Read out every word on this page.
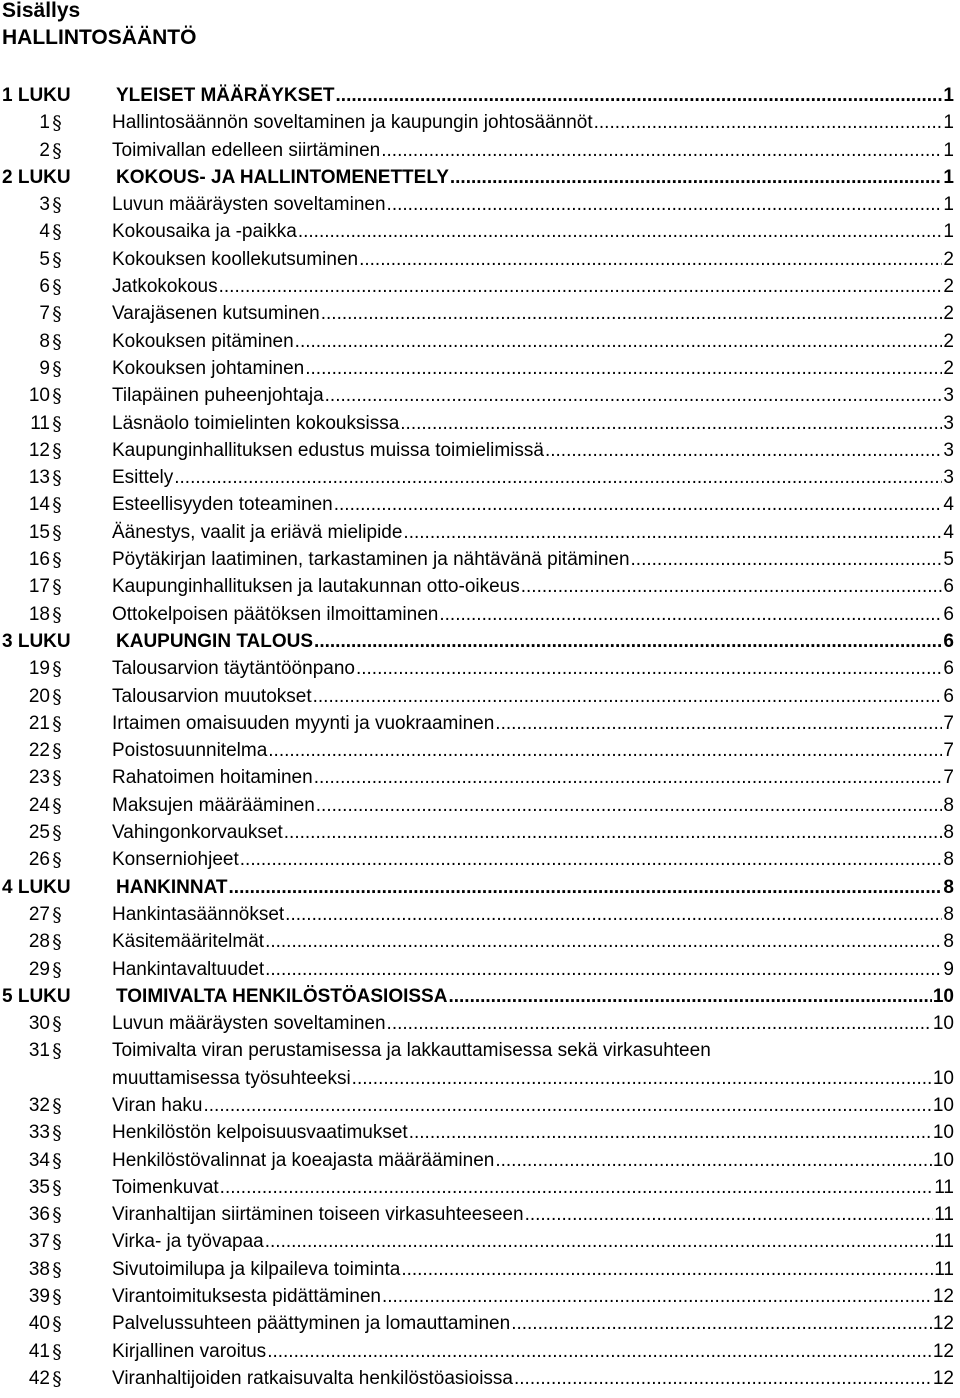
Sisällys
HALLINTOSÄÄNTÖ
1 LUKU	YLEISET MÄÄRÄYKSET .....	1
1 §	Hallintosäännön soveltaminen ja kaupungin johtosäännöt .....	1
2 §	Toimivallan edelleen siirtäminen .....	1
2 LUKU	KOKOUS- JA HALLINTOMENETTELY .....	1
3 §	Luvun määräysten soveltaminen .....	1
4 §	Kokousaika ja -paikka .....	1
5 §	Kokouksen koollekutsuminen .....	2
6 §	Jatkokokous .....	2
7 §	Varajäsenen kutsuminen .....	2
8 §	Kokouksen pitäminen .....	2
9 §	Kokouksen johtaminen .....	2
10 §	Tilapäinen puheenjohtaja .....	3
11 §	Läsnäolo toimielinten kokouksissa .....	3
12 §	Kaupunginhallituksen edustus muissa toimielimissä .....	3
13 §	Esittely .....	3
14 §	Esteellisyyden toteaminen .....	4
15 §	Äänestys, vaalit ja eriävä mielipide .....	4
16 §	Pöytäkirjan laatiminen, tarkastaminen ja nähtävänä pitäminen .....	5
17 §	Kaupunginhallituksen ja lautakunnan otto-oikeus .....	6
18 §	Ottokelpoisen päätöksen ilmoittaminen .....	6
3 LUKU	KAUPUNGIN TALOUS .....	6
19 §	Talousarvion täytäntöönpano .....	6
20 §	Talousarvion muutokset .....	6
21 §	Irtaimen omaisuuden myynti ja vuokraaminen .....	7
22 §	Poistosuunnitelma .....	7
23 §	Rahatoimen hoitaminen .....	7
24 §	Maksujen määrääminen .....	8
25 §	Vahingonkorvaukset .....	8
26 §	Konserniohjeet .....	8
4 LUKU	HANKINNAT .....	8
27 §	Hankintasäännökset .....	8
28 §	Käsitemääritelmät .....	8
29 §	Hankintavaltuudet .....	9
5 LUKU	TOIMIVALTA HENKILÖSTÖASIOISSA .....	10
30 §	Luvun määräysten soveltaminen .....	10
31 §	Toimivalta viran perustamisessa ja lakkauttamisessa sekä virkasuhteen
muuttamisessa työsuhteeksi .....	10
32 §	Viran haku .....	10
33 §	Henkilöstön kelpoisuusvaatimukset .....	10
34 §	Henkilöstövalinnat ja koeajasta määrääminen .....	10
35 §	Toimenkuvat .....	11
36 §	Viranhaltijan siirtäminen toiseen virkasuhteeseen .....	11
37 §	Virka- ja työvapaa .....	11
38 §	Sivutoimilupa ja kilpaileva toiminta .....	11
39 §	Virantoimituksesta pidättäminen .....	12
40 §	Palvelussuhteen päättyminen ja lomauttaminen .....	12
41 §	Kirjallinen varoitus .....	12
42 §	Viranhaltijoiden ratkaisuvalta henkilöstöasioissa .....	12
